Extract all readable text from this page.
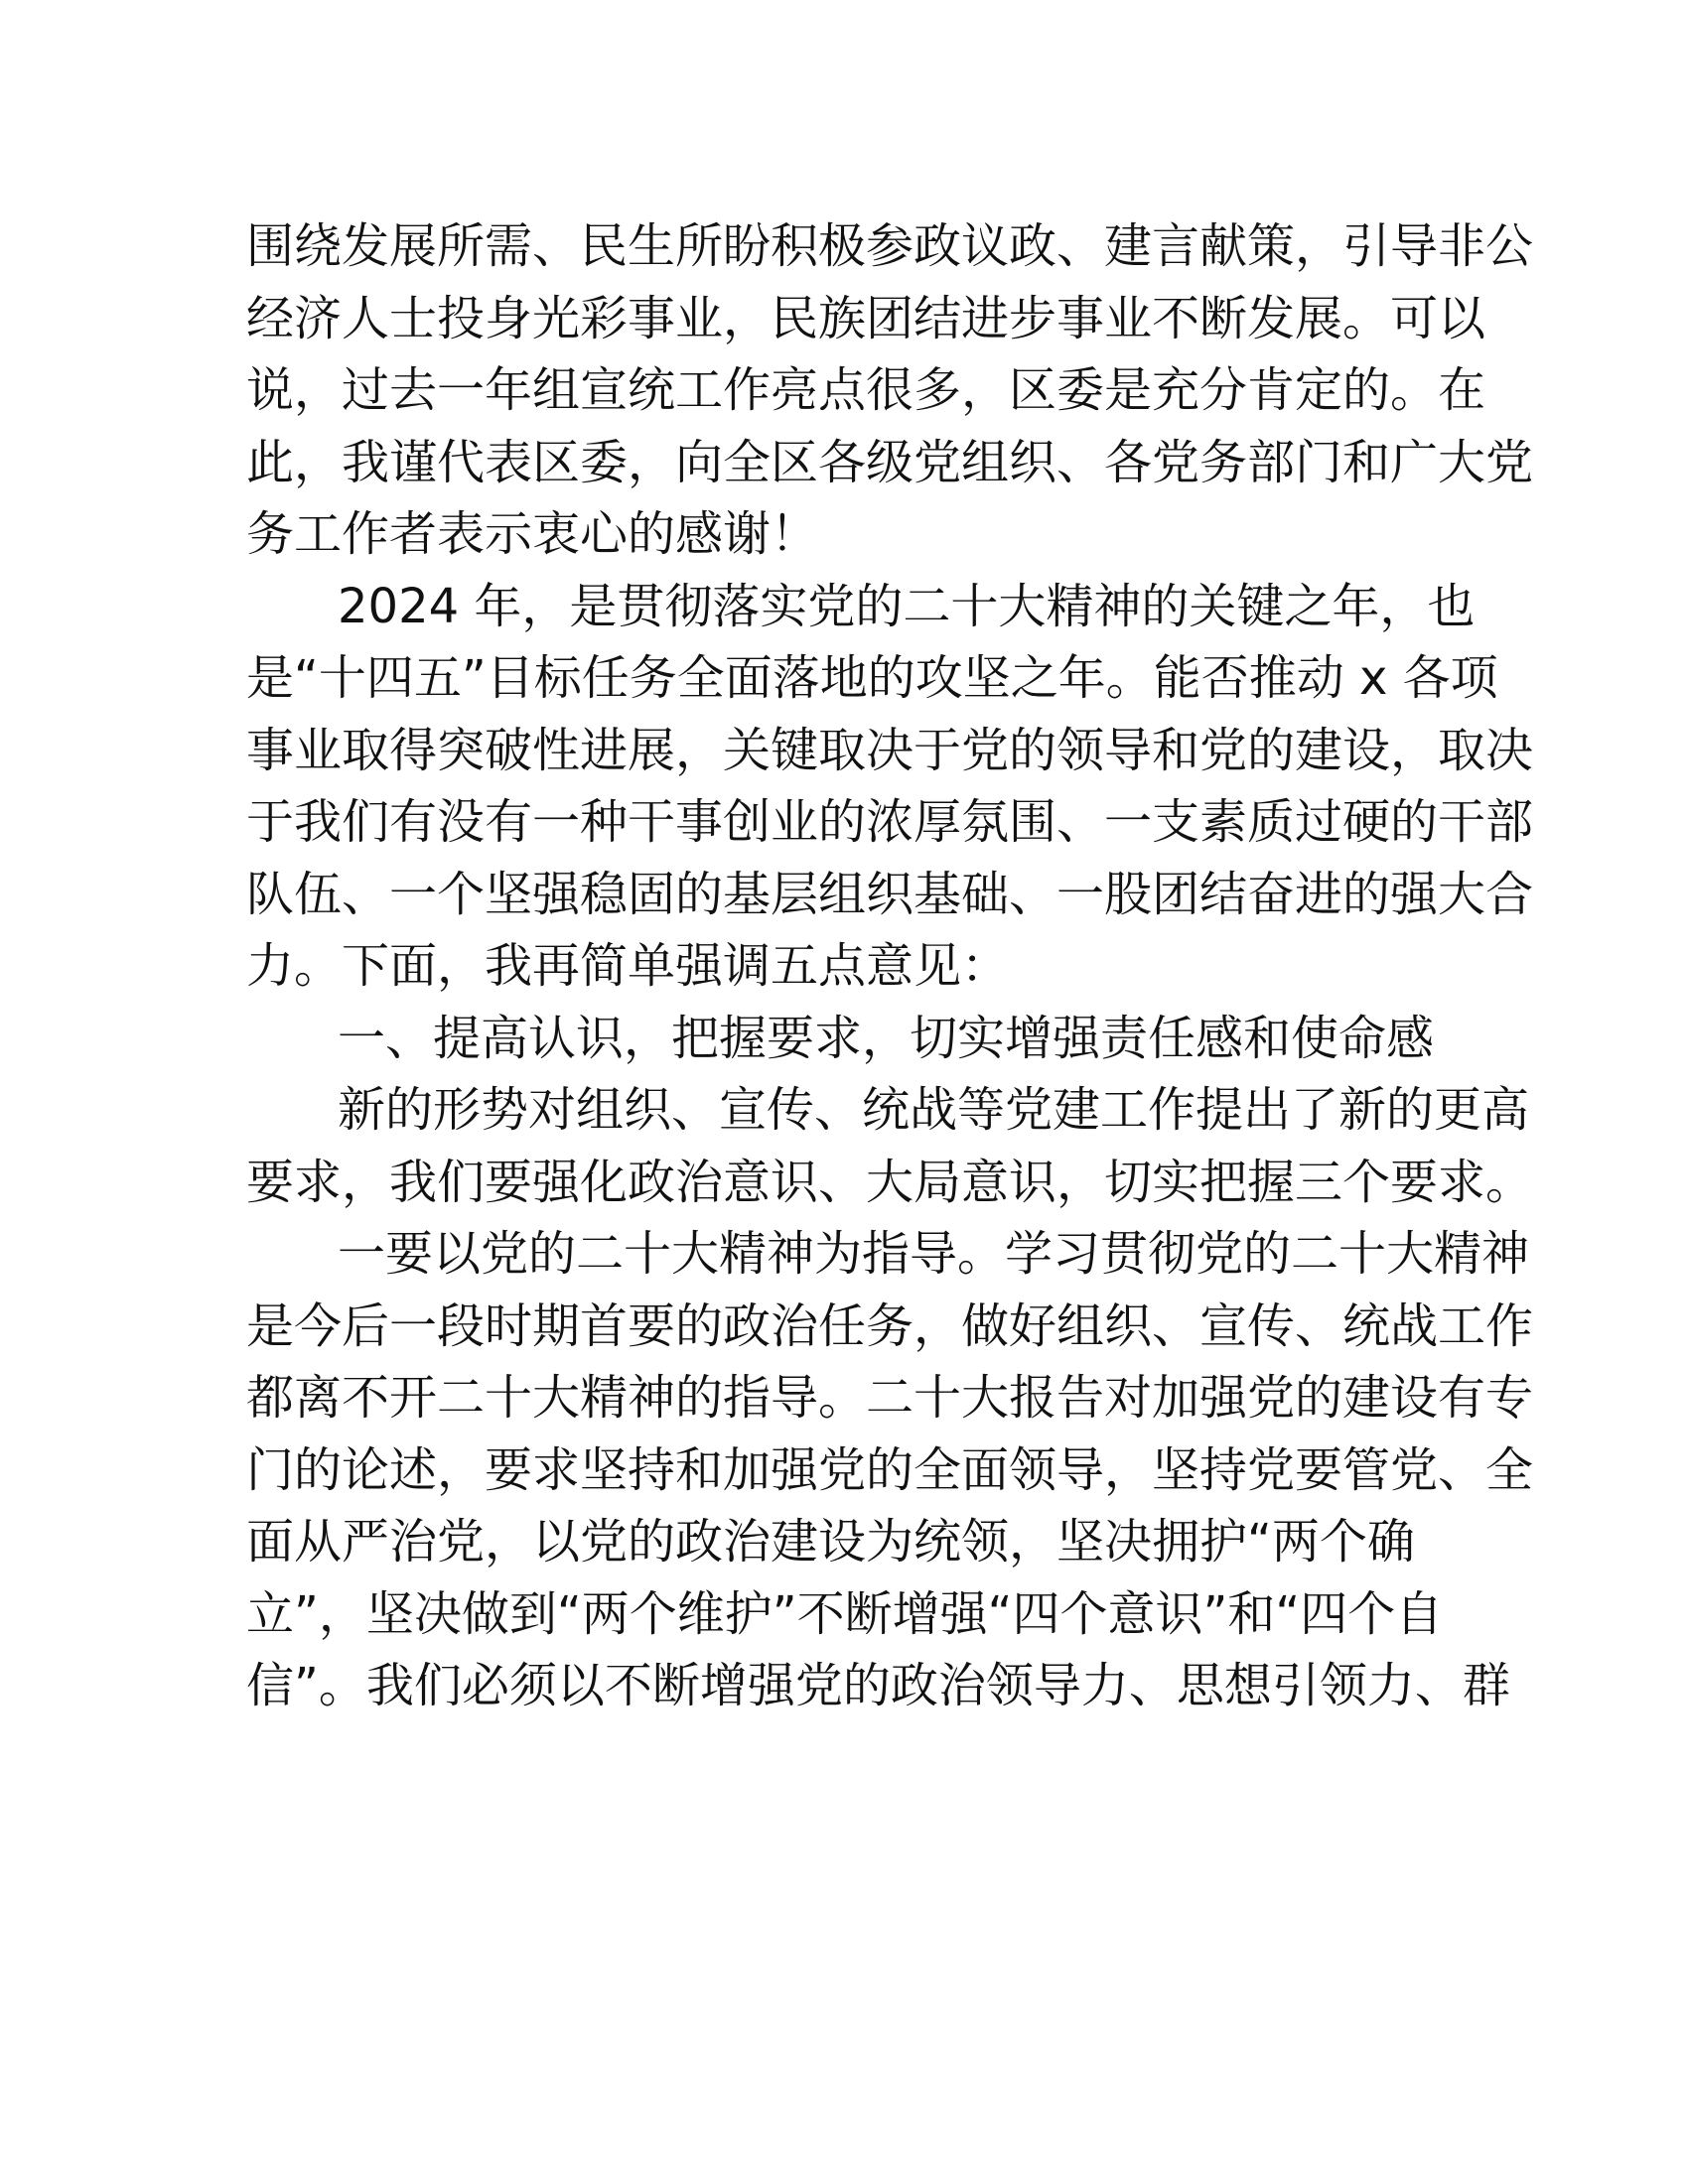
围绕发展所需、民生所盼积极参政议政、建言献策，引导非公
经济人士投身光彩事业，民族团结进步事业不断发展。可以
说，过去一年组宣统工作亮点很多，区委是充分肯定的。在
此，我谨代表区委，向全区各级党组织、各党务部门和广大党
务工作者表示衷心的感谢！
2024 年，是贯彻落实党的二十大精神的关键之年，也
是“十四五”目标任务全面落地的攻坚之年。能否推动 x 各项
事业取得突破性进展，关键取决于党的领导和党的建设，取决
于我们有没有一种干事创业的浓厚氛围、一支素质过硬的干部
队伍、一个坚强稳固的基层组织基础、一股团结奋进的强大合
力。下面，我再简单强调五点意见：
一、提高认识，把握要求，切实增强责任感和使命感
新的形势对组织、宣传、统战等党建工作提出了新的更高
要求，我们要强化政治意识、大局意识，切实把握三个要求。
一要以党的二十大精神为指导。学习贯彻党的二十大精神
是今后一段时期首要的政治任务，做好组织、宣传、统战工作
都离不开二十大精神的指导。二十大报告对加强党的建设有专
门的论述，要求坚持和加强党的全面领导，坚持党要管党、全
面从严治党，以党的政治建设为统领，坚决拥护“两个确
立”，坚决做到“两个维护”不断增强“四个意识”和“四个自
信”。我们必须以不断增强党的政治领导力、思想引领力、群
